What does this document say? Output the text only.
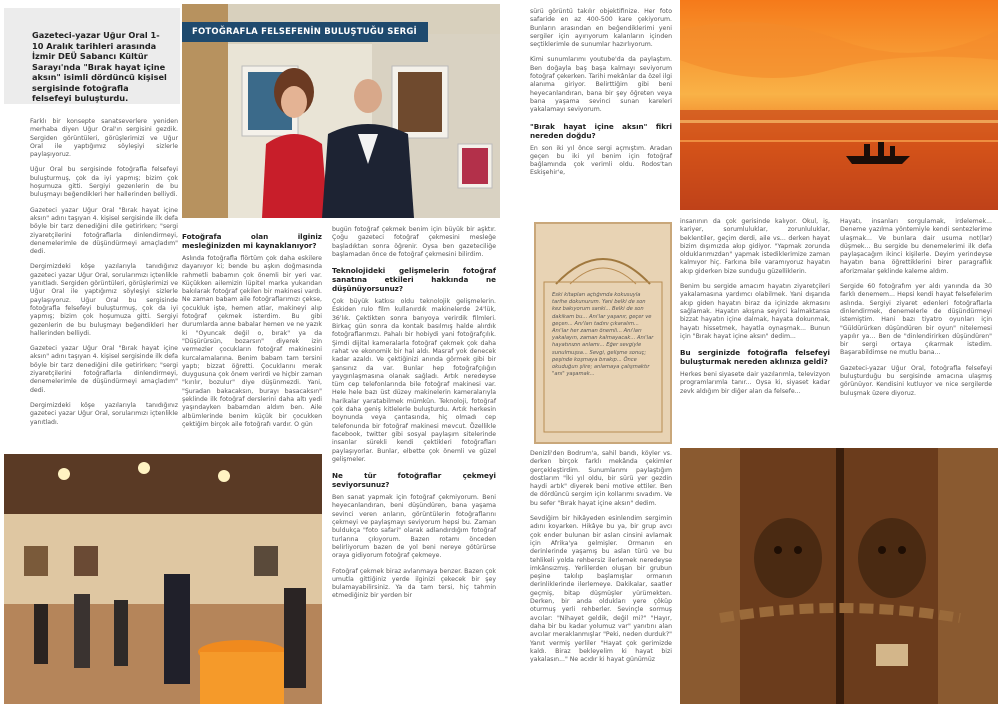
Gazeteci-yazar Uğur Oral 1-10 Aralık tarihleri arasında İzmir DEÜ Sabancı Kültür Sarayı'nda "Bırak hayat içine aksın" isimli dördüncü kişisel sergisinde fotoğrafla felsefeyi buluşturdu.

Farklı bir konsepte sanatseverlere yeniden merhaba diyen Uğur Oral'ın sergisini gezdik. Sergiden görüntüleri, görüşlerimizi ve Uğur Oral ile yaptığımız söyleşiyi sizlerle paylaşıyoruz.

Uğur Oral bu sergisinde fotoğrafla felsefeyi buluşturmuş, çok da iyi yapmış; bizim çok hoşumuza gitti. Sergiyi gezenlerin de bu buluşmayı beğendikleri her hallerinden belliydi.

Gazeteci yazar Uğur Oral "Bırak hayat içine aksın" adını taşıyan 4. kişisel sergisinde ilk defa böyle bir tarz denediğini dile getirirken; "sergi ziyaretçilerini fotoğraflarla dinlendirmeyi, denemelerimle de düşündürmeyi amaçladım" dedi.

Dergimizdeki köşe yazılarıyla tanıdığınız gazeteci yazar Uğur Oral, sorularımızı içtenlikle yanıtladı. Sergiden görüntüleri, görüşlerimizi ve Uğur Oral ile yaptığımız söyleşiyi sizlerle paylaşıyoruz. Uğur Oral bu sergisinde fotoğrafla felsefeyi buluşturmuş, çok da iyi yapmış; bizim çok hoşumuza gitti. Sergiyi gezenlerin de bu buluşmayı beğendikleri her hallerinden belliydi.

Gazeteci yazar Uğur Oral "Bırak hayat içine aksın" adını taşıyan 4. kişisel sergisinde ilk defa böyle bir tarz denediğini dile getirirken; "sergi ziyaretçilerini fotoğraflarla dinlendirmeyi, denemelerimle de düşündürmeyi amaçladım" dedi.

Dergimizdeki köşe yazılarıyla tanıdığınız gazeteci yazar Uğur Oral, sorularımızı içtenlikle yanıtladı.

FOTOĞRAFLA FELSEFENİN BULUŞTUĞU SERGİ
Fotoğrafa olan ilginiz mesleğinizden mi kaynaklanıyor?

Aslında fotoğrafla flörtüm çok daha eskilere dayanıyor ki; bende bu aşkın doğmasında rahmetli babamın çok önemli bir yeri var. Küçükken ailemizin lüpitel marka yukarıdan bakılarak fotoğraf çekilen bir makinesi vardı. Ne zaman babam aile fotoğraflarımızı çekse, çocukluk işte, hemen atlar, makineyi alıp fotoğraf çekmek isterdim. Bu gibi durumlarda anne babalar hemen ve ne yazık ki "Oyuncak değil o, bırak" ya da "Düşürürsün, bozarsın" diyerek izin vermezler çocukların fotoğraf makinesini kurcalamalarına. Benim babam tam tersini yaptı; bizzat öğretti. Çocuklarını merak duygusuna çok önem verirdi ve hiçbir zaman "kırılır, bozulur" diye düşünmezdi. Yani, "Şuradan bakacaksın, burayı basacaksın" şeklinde ilk fotoğraf derslerini daha altı yedi yaşındayken babamdan aldım ben. Aile albümlerinde benim küçük bir çocukken çektiğim birçok aile fotoğrafı vardır. O gün

bugün fotoğraf çekmek benim için büyük bir aşktır. Çoğu gazeteci fotoğraf çekmesini mesleğe başladıktan sonra öğrenir. Oysa ben gazeteciliğe başlamadan önce de fotoğraf çekmesini bilirdim.

Teknolojideki gelişmelerin fotoğraf sanatına etkileri hakkında ne düşünüyorsunuz?

Çok büyük katkısı oldu teknolojik gelişmelerin. Eskiden rulo film kullanırdık makinelerde 24'lük, 36'lık. Çektikten sonra banyoya verirdik filmleri. Birkaç gün sonra da kontak basılmış halde alırdık fotoğraflarımızı. Pahalı bir hobiydi yani fotoğrafçılık. Şimdi dijital kameralarla fotoğraf çekmek çok daha rahat ve ekonomik bir hal aldı. Masraf yok denecek kadar azaldı. Ve çektiğinizi anında görmek gibi bir şansınız da var. Bunlar hep fotoğrafçılığın yaygınlaşmasına olanak sağladı. Artık neredeyse tüm cep telefonlarında bile fotoğraf makinesi var. Hele hele bazı üst düzey makinelerin kameralarıyla harikalar yaratabilmek mümkün. Teknoloji, fotoğraf çok daha geniş kitlelerle buluşturdu. Artık herkesin boynunda veya çantasında, hiç olmadı cep telefonunda bir fotoğraf makinesi mevcut. Özellikle facebook, twitter gibi sosyal paylaşım sitelerinde insanlar sürekli kendi çektikleri fotoğrafları paylaşıyorlar. Bunlar, elbette çok önemli ve güzel gelişmeler.

Ne tür fotoğraflar çekmeyi seviyorsunuz?

Ben sanat yapmak için fotoğraf çekmiyorum. Beni heyecanlandıran, beni düşündüren, bana yaşama sevinci veren anların, görüntülerin fotoğraflarını çekmeyi ve paylaşmayı seviyorum hepsi bu. Zaman buldukça "foto safari" olarak adlandırdığım fotoğraf turlarına çıkıyorum. Bazen rotamı önceden belirliyorum bazen de yol beni nereye götürürse oraya gidiyorum fotoğraf çekmeye.

Fotoğraf çekmek biraz avlanmaya benzer. Bazen çok umutla gittiğiniz yerde ilginizi çekecek bir şey bulamayabilirsiniz. Ya da tam tersi, hiç tahmin etmediğiniz bir yerden bir

sürü görüntü takılır objektifinize. Her foto safaride en az 400-500 kare çekiyorum. Bunların arasından en beğendiklerimi yeni sergiler için ayırıyorum kalanların içinden seçtiklerimle de sunumlar hazırlıyorum.

Kimi sunumlarımı youtube'da da paylaştım. Ben doğayla baş başa kalmayı seviyorum fotoğraf çekerken. Tarihi mekânlar da özel ilgi alanıma giriyor. Belirttiğim gibi beni heyecanlandıran, bana bir şey öğreten veya bana yaşama sevinci sunan kareleri yakalamayı seviyorum.

"Bırak hayat içine aksın" fikri nereden doğdu?

En son iki yıl önce sergi açmıştım. Aradan geçen bu iki yıl benim için fotoğraf bağlamında çok verimli oldu. Rodos'tan Eskişehir'e,

Eski kitapları açtığımda kokusuyla tarihe dokunurum. Yani belki de son kez bakıyorum sanki... Belki de son dakikam bu... Anı'lar yaşanır, geçer ve geçen... Anı'ları tadını çıkaralım... Anı'lar her zaman önemli... Anı'ları yakalayın, zaman kalmayacak... Anı'lar hayatınızın anlamı... Eğer sevgiyle sunulmuşsa... Sevgi, gelişme sonuç; peşinde koşmaya bırakıp... Önce okuduğun şiire; anlamaya çalışmaktır "anı" yaşamak...

Denizli'den Bodrum'a, sahil bandı, köyler vs. derken birçok farklı mekânda çekimler gerçekleştirdim. Sunumlarımı paylaştığım dostlarım "İki yıl oldu, bir sürü yer gezdin haydi artık" diyerek beni motive ettiler. Ben de dördüncü sergim için kollarımı sıvadım. Ve bu sefer "Bırak hayat içine aksın" dedim.

Sevdiğim bir hikâyeden esinlendim sergimin adını koyarken. Hikâye bu ya, bir grup avcı çok ender bulunan bir aslan cinsini avlamak için Afrika'ya gelmişler. Ormanın en derinlerinde yaşamış bu aslan türü ve bu tehlikeli yolda rehbersiz ilerlemek neredeyse imkânsızmış. Yerlilerden oluşan bir grubun peşine takılıp başlamışlar ormanın derinliklerinde ilerlemeye. Dakikalar, saatler geçmiş, bitap düşmüşler yürümekten. Derken, bir anda oldukları yere çöküp oturmuş yerli rehberler. Sevinçle sormuş avcılar: "Nihayet geldik, değil mi?" "Hayır, daha bir bu kadar yolumuz var" yanıtını alan avcılar meraklanmışlar "Peki, neden durduk?" Yanıt vermiş yerliler "Hayat çok gerimizde kaldı. Biraz bekleyelim ki hayat bizi yakalasın..." Ne acıdır ki hayat günümüz

insanının da çok gerisinde kalıyor. Okul, iş, kariyer, sorumluluklar, zorunluluklar, beklentiler, geçim derdi, aile vs... derken hayat bizim dışımızda akıp gidiyor. "Yapmak zorunda olduklarımızdan" yapmak istediklerimize zaman kalmıyor hiç. Farkına bile varamıyoruz hayatın akıp giderken bize sunduğu güzelliklerin.

Benim bu sergide amacım hayatın ziyaretçileri yakalamasına yardımcı olabilmek. Yani dışarıda akıp giden hayatın biraz da içinizde akmasını sağlamak. Hayatın akışına seyirci kalmaktansa bizzat hayatın içine dalmak, hayata dokunmak, hayatı hissetmek, hayatla oynaşmak... Bunun için "Bırak hayat içine aksın" dedim...

Bu serginizde fotoğrafla felsefeyi buluşturmak nereden aklınıza geldi?

Herkes beni siyasete dair yazılarımla, televizyon programlarımla tanır... Oysa ki, siyaset kadar zevk aldığım bir diğer alan da felsefe...

Hayatı, insanları sorgulamak, irdelemek... Deneme yazılma yöntemiyle kendi sentezlerime ulaşmak... Ve bunlara dair usuma not(lar) düşmek... Bu sergide bu denemelerimi ilk defa paylaşacağım ikinci kişilerle. Deyim yerindeyse hayatın bana öğrettiklerini birer paragraflık aforizmalar şeklinde kaleme aldım.

Sergide 60 fotoğrafım yer aldı yanında da 30 farklı denemem... Hepsi kendi hayat felsefelerim aslında. Sergiyi ziyaret edenleri fotoğraflarla dinlendirmek, denemelerle de düşündürmeyi istemiştim. Hani bazı tiyatro oyunları için "Güldürürken düşündüren bir oyun" nitelemesi yapılır ya... Ben de "dinlendirirken düşündüren" bir sergi ortaya çıkarmak istedim. Başarabildimse ne mutlu bana...

Gazeteci-yazar Uğur Oral, fotoğrafla felsefeyi buluşturduğu bu sergisinde amacına ulaşmış görünüyor. Kendisini kutluyor ve nice sergilerde buluşmak üzere diyoruz.
